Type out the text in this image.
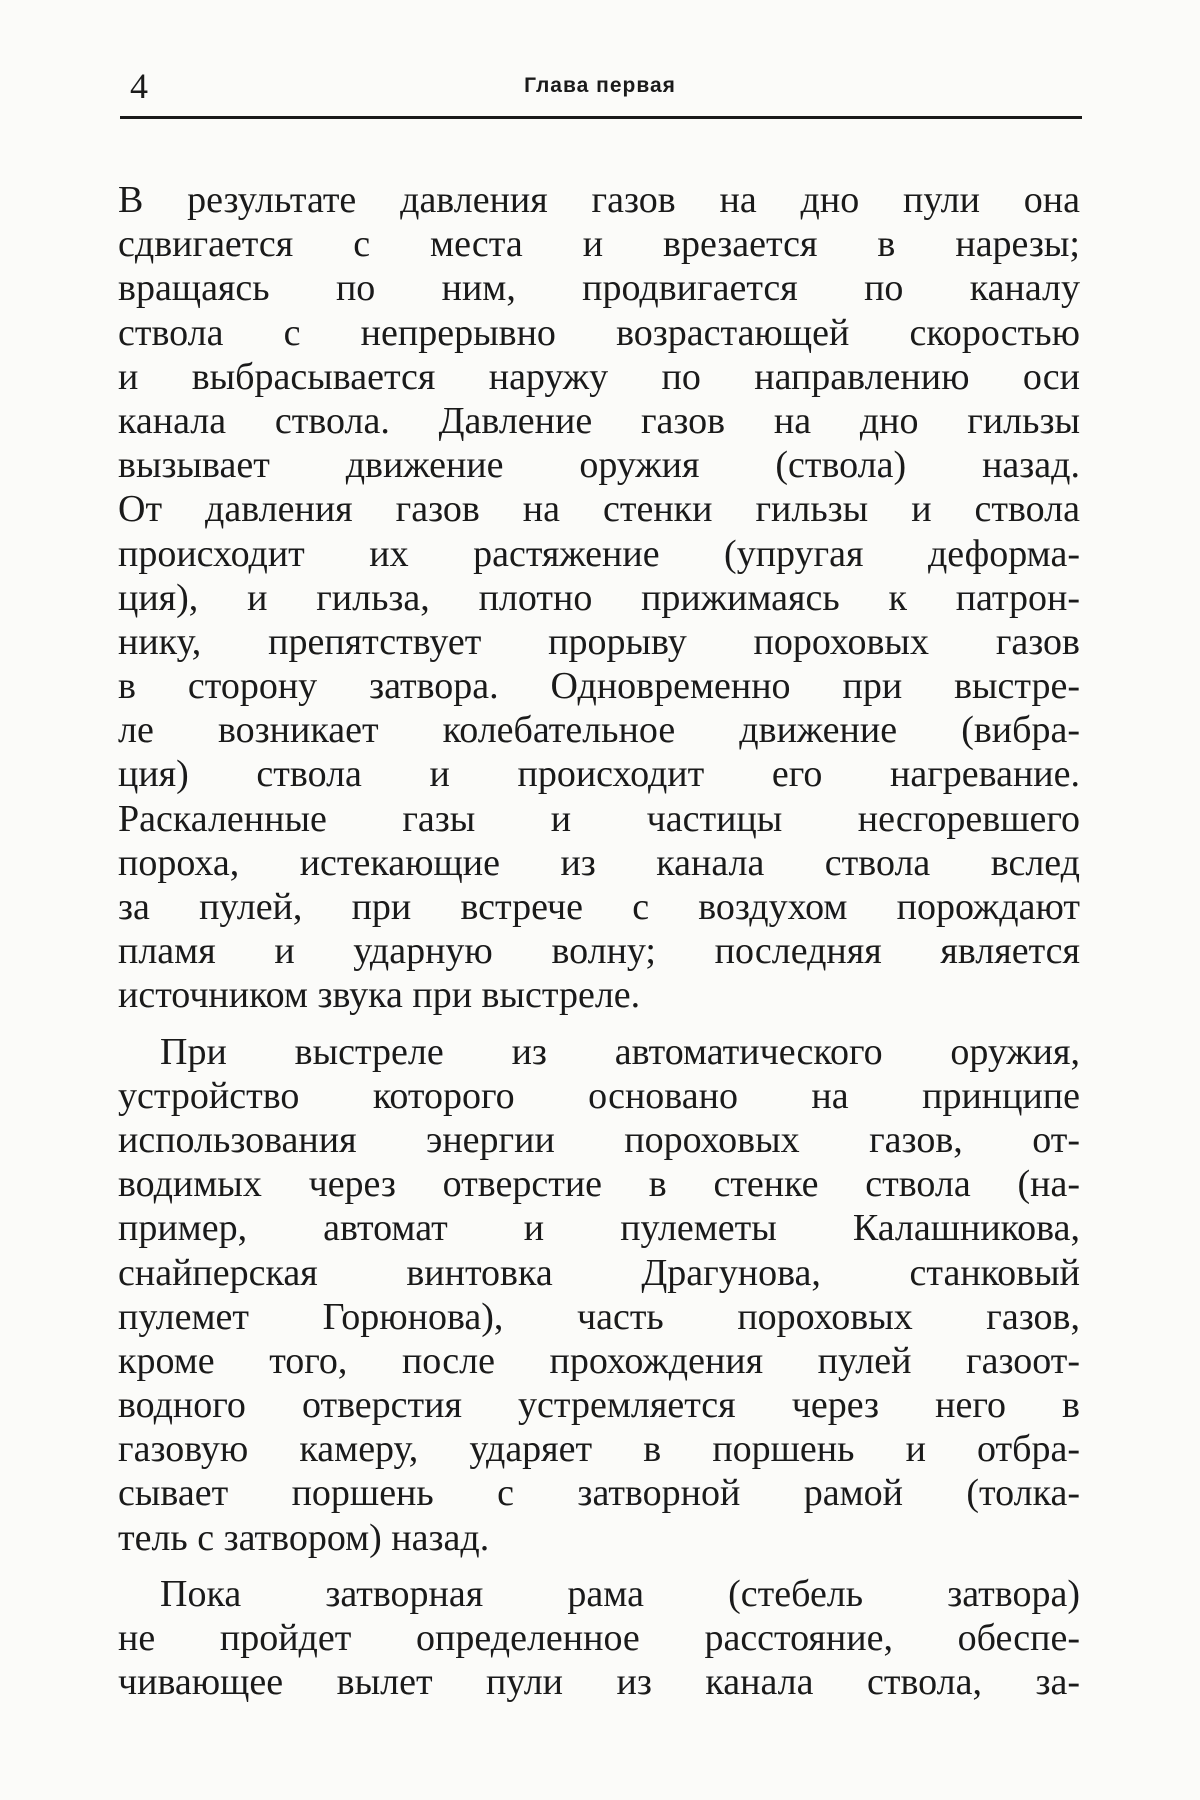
4	Глава первая
В результате давления газов на дно пули она
сдвигается с места и врезается в нарезы;
вращаясь по ним, продвигается по каналу
ствола с непрерывно возрастающей скоростью
и выбрасывается наружу по направлению оси
канала ствола. Давление газов на дно гильзы
вызывает движение оружия (ствола) назад.
От давления газов на стенки гильзы и ствола
происходит их растяжение (упругая деформа-
ция), и гильза, плотно прижимаясь к патрон-
нику, препятствует прорыву пороховых газов
в сторону затвора. Одновременно при выстре-
ле возникает колебательное движение (вибра-
ция) ствола и происходит его нагревание.
Раскаленные газы и частицы несгоревшего
пороха, истекающие из канала ствола вслед
за пулей, при встрече с воздухом порождают
пламя и ударную волну; последняя является
источником звука при выстреле.
При выстреле из автоматического оружия,
устройство которого основано на принципе
использования энергии пороховых газов, от-
водимых через отверстие в стенке ствола (на-
пример, автомат и пулеметы Калашникова,
снайперская винтовка Драгунова, станковый
пулемет Горюнова), часть пороховых газов,
кроме того, после прохождения пулей газоот-
водного отверстия устремляется через него в
газовую камеру, ударяет в поршень и отбра-
сывает поршень с затворной рамой (толка-
тель с затвором) назад.
Пока затворная рама (стебель затвора)
не пройдет определенное расстояние, обеспе-
чивающее вылет пули из канала ствола, за-
